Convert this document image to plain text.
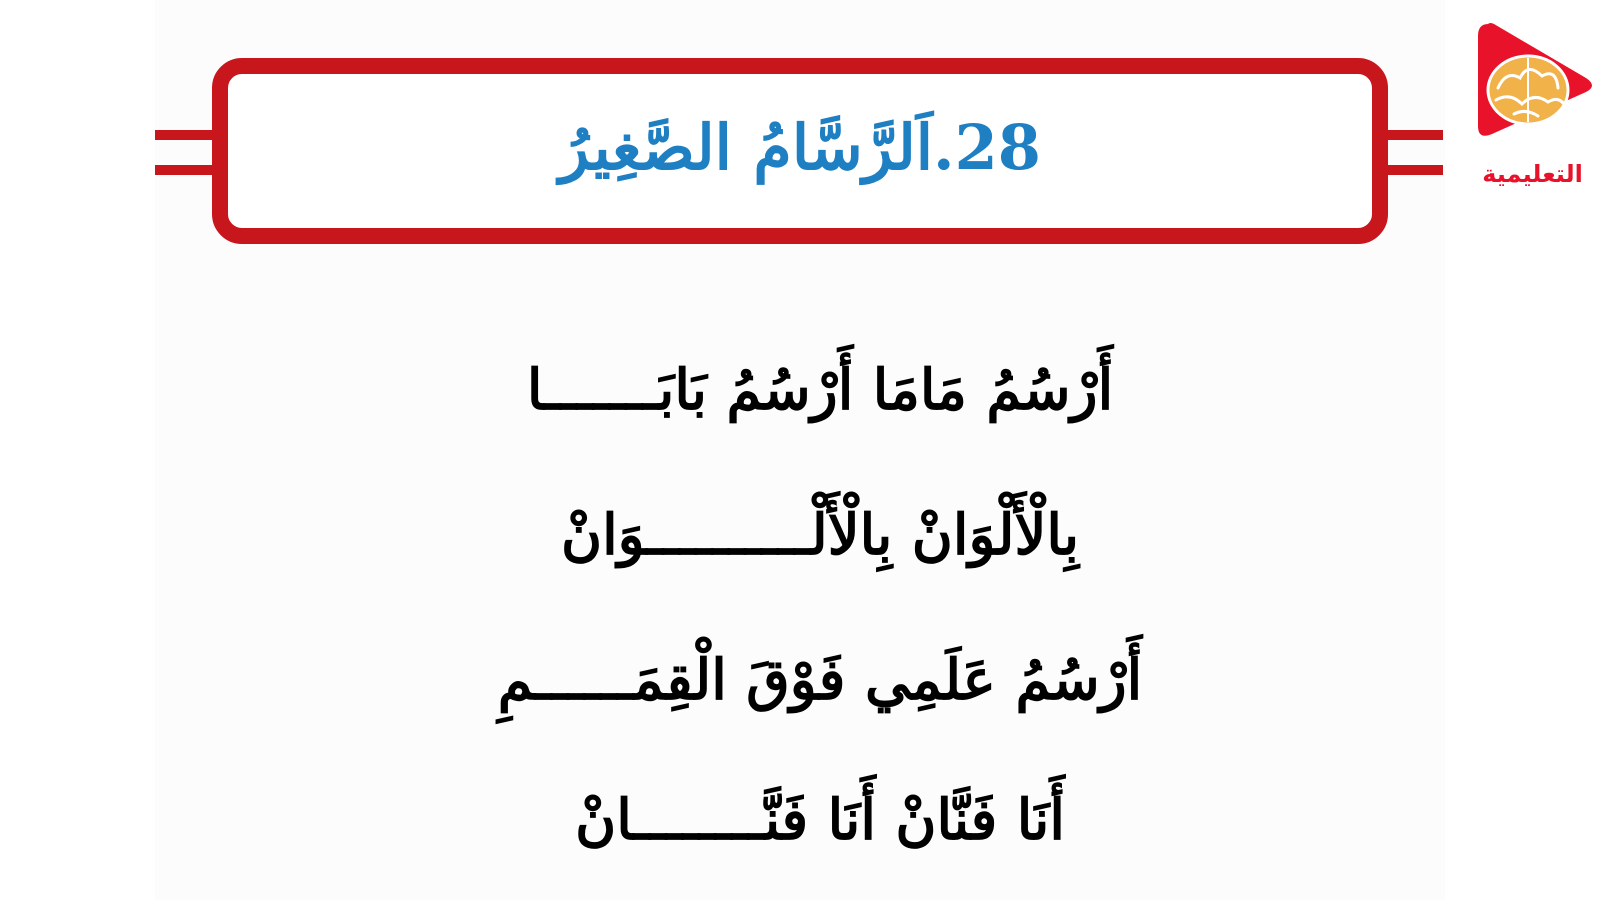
28.اَلرَّسَّامُ الصَّغِيرُ
أَرْسُمُ مَامَا أَرْسُمُ بَابَـــــــا
بِالْأَلْوَانْ بِالْأَلْــــــــــوَانْ
أَرْسُمُ عَلَمِي فَوْقَ الْقِمَــــــمِ
أَنَا فَنَّانْ أَنَا فَنَّــــــــانْ
التعليمية
